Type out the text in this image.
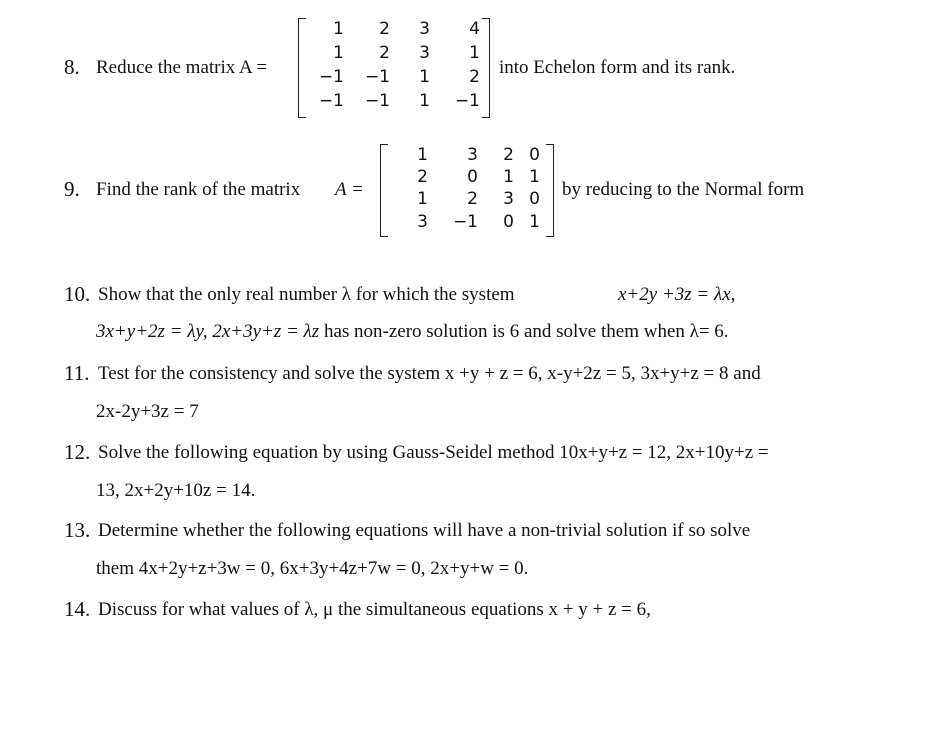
8. Reduce the matrix A =
1 2 3 4
1 2 3 1
−1 −1 1 2
−1 −1 1 −1
into Echelon form and its rank.
9. Find the rank of the matrix A =
1 3 2 0
2 0 1 1
1 2 3 0
3 −1 0 1
by reducing to the Normal form
10. Show that the only real number λ for which the system	x+2y +3z = λx,
3x+y+2z = λy, 2x+3y+z = λz has non-zero solution is 6 and solve them when λ= 6.
11. Test for the consistency and solve the system x +y + z = 6, x-y+2z = 5, 3x+y+z = 8 and
2x-2y+3z = 7
12. Solve the following equation by using Gauss-Seidel method 10x+y+z = 12, 2x+10y+z =
13, 2x+2y+10z = 14.
13. Determine whether the following equations will have a non-trivial solution if so solve
them 4x+2y+z+3w = 0, 6x+3y+4z+7w = 0, 2x+y+w = 0.
14. Discuss for what values of λ, μ the simultaneous equations x + y + z = 6,
